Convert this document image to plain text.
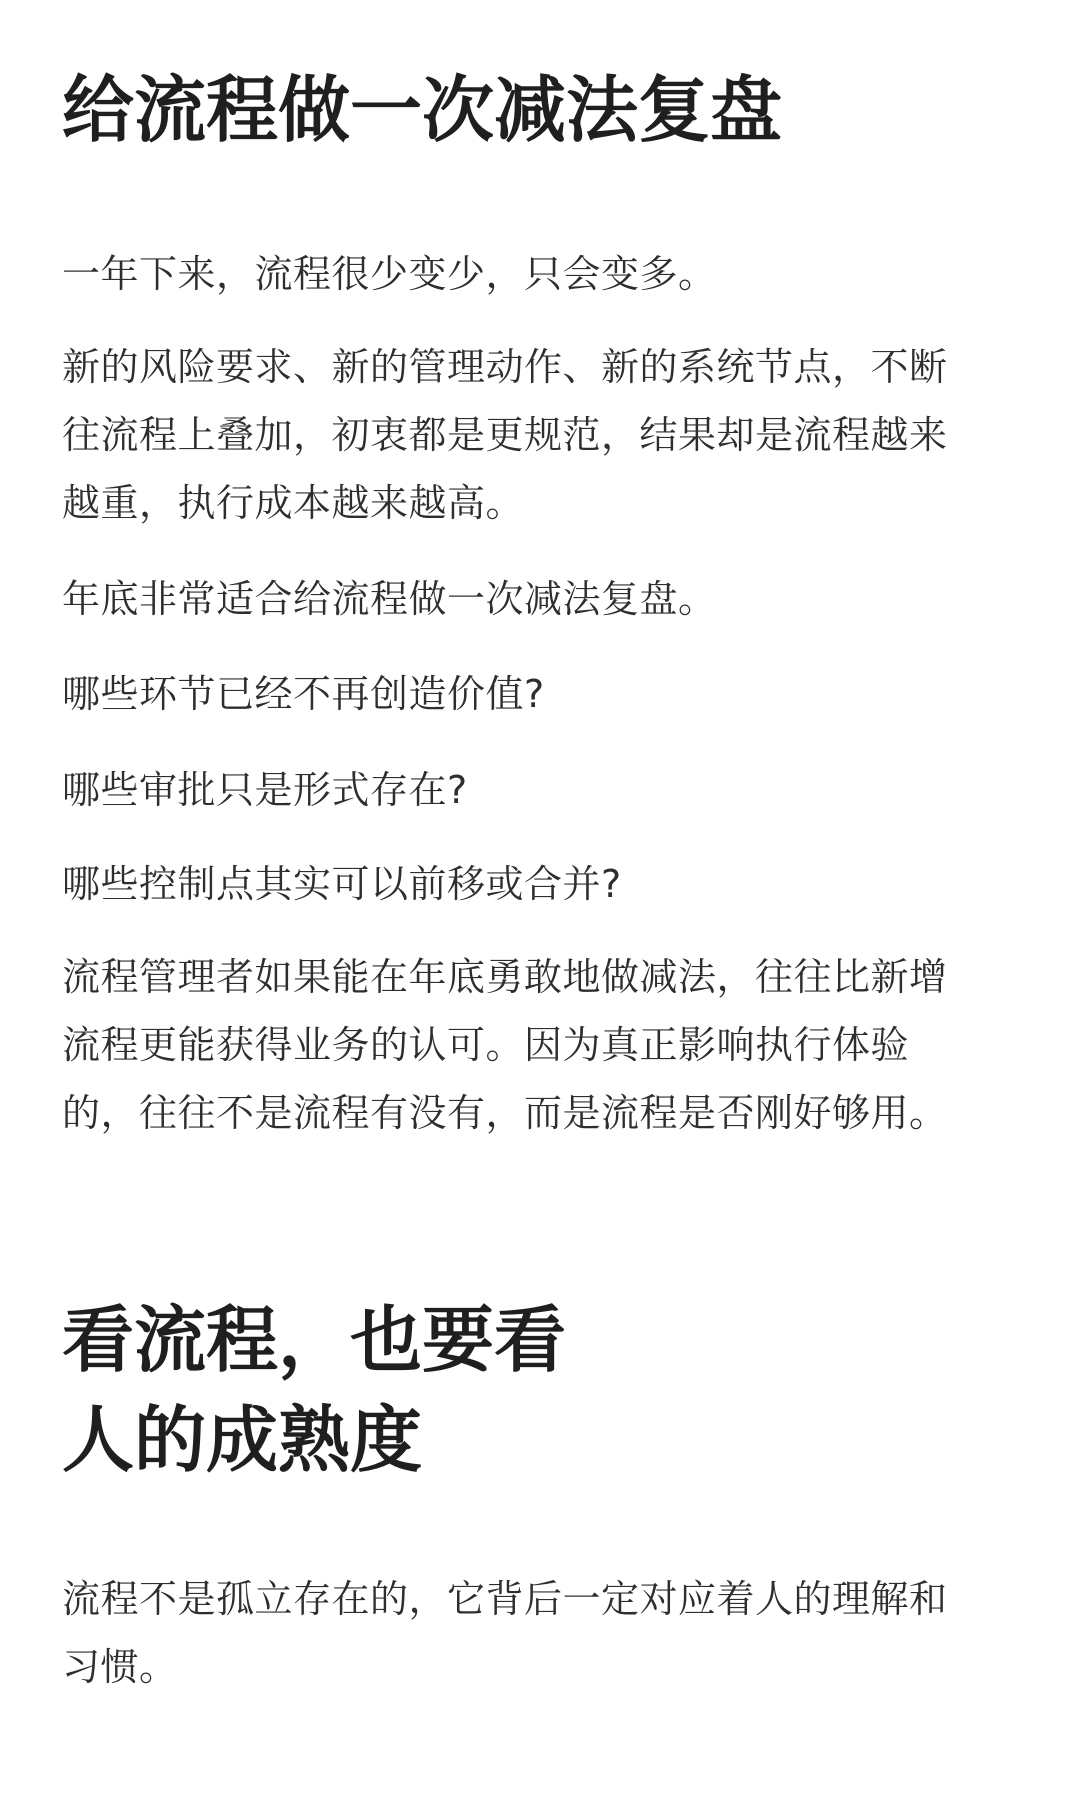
给流程做一次减法复盘

一年下来，流程很少变少，只会变多。

新的风险要求、新的管理动作、新的系统节点，不断
往流程上叠加，初衷都是更规范，结果却是流程越来
越重，执行成本越来越高。

年底非常适合给流程做一次减法复盘。

哪些环节已经不再创造价值?

哪些审批只是形式存在?

哪些控制点其实可以前移或合并?

流程管理者如果能在年底勇敢地做减法，往往比新增
流程更能获得业务的认可。因为真正影响执行体验
的，往往不是流程有没有，而是流程是否刚好够用。

看流程，也要看
人的成熟度

流程不是孤立存在的，它背后一定对应着人的理解和
习惯。
